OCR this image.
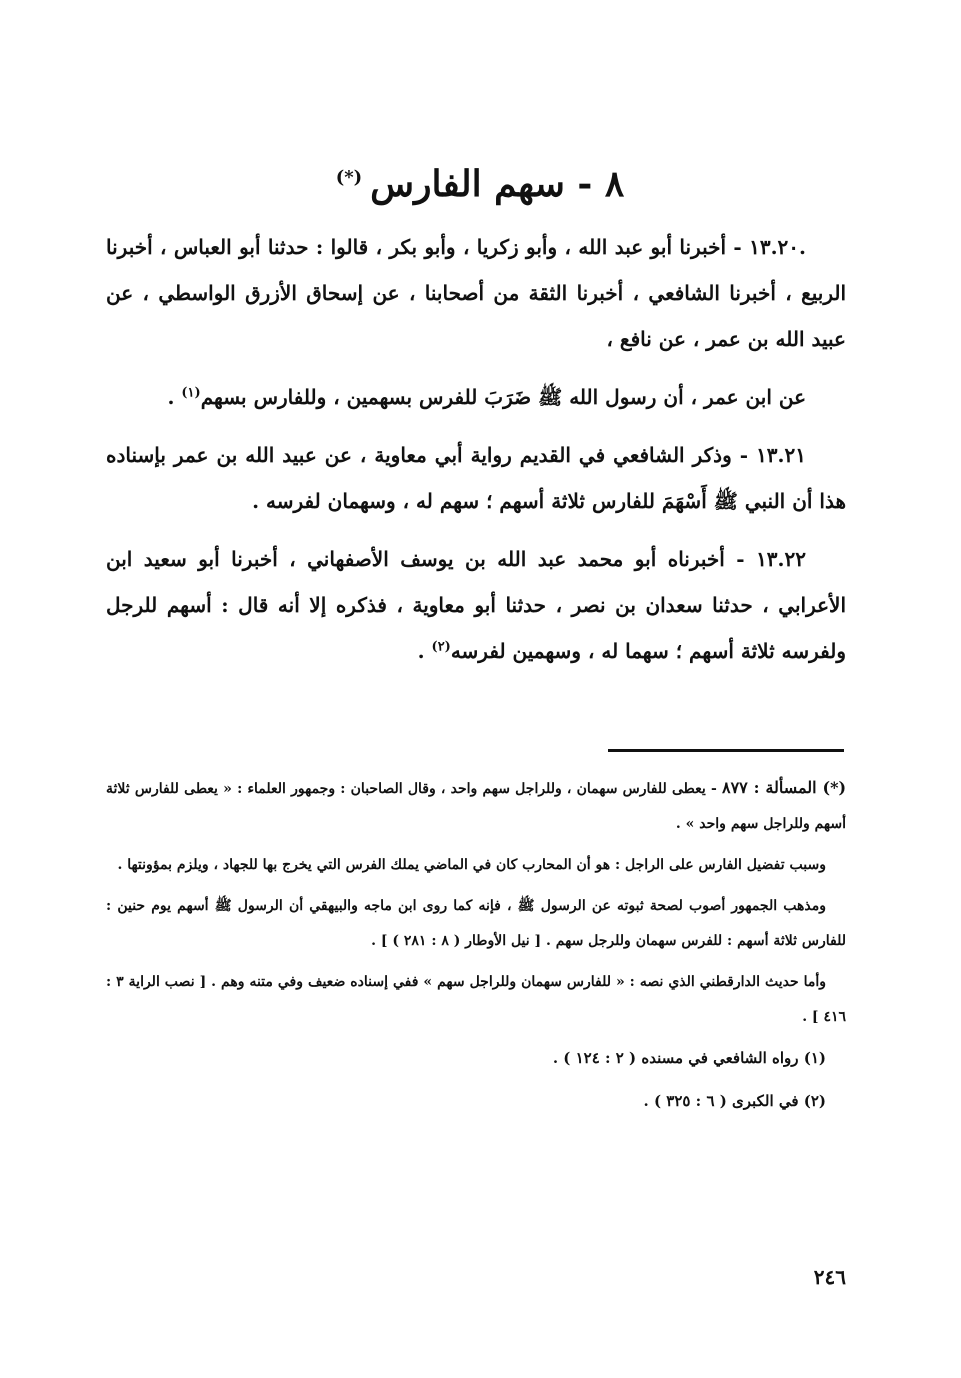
٨ - سهم الفارس(*)

.١٣.٢٠ - أخبرنا أبو عبد الله ، وأبو زكريا ، وأبو بكر ، قالوا : حدثنا أبو العباس ، أخبرنا الربيع ، أخبرنا الشافعي ، أخبرنا الثقة من أصحابنا ، عن إسحاق الأزرق الواسطي ، عن عبيد الله بن عمر ، عن نافع ،

عن ابن عمر ، أن رسول الله ﷺ ضَرَبَ للفرس بسهمين ، وللفارس بسهم$^{(١)}$ .

١٣.٢١ - وذكر الشافعي في القديم رواية أبي معاوية ، عن عبيد الله بن عمر بإسناده هذا أن النبي ﷺ أَسْهَمَ للفارس ثلاثة أسهم ؛ سهم له ، وسهمان لفرسه .

١٣.٢٢ - أخبرناه أبو محمد عبد الله بن يوسف الأصفهاني ، أخبرنا أبو سعيد ابن الأعرابي ، حدثنا سعدان بن نصر ، حدثنا أبو معاوية ، فذكره إلا أنه قال : أسهم للرجل ولفرسه ثلاثة أسهم ؛ سهما له ، وسهمين لفرسه$^{(٢)}$ .

(*) المسألة : ٨٧٧ - يعطى للفارس سهمان ، وللراجل سهم واحد ، وقال الصاحبان : وجمهور العلماء : « يعطى للفارس ثلاثة أسهم وللراجل سهم واحد » .

وسبب تفضيل الفارس على الراجل : هو أن المحارب كان في الماضي يملك الفرس التي يخرج بها للجهاد ، ويلزم بمؤونتها .

ومذهب الجمهور أصوب لصحة ثبوته عن الرسول ﷺ ، فإنه كما روى ابن ماجه والبيهقي أن الرسول ﷺ أسهم يوم حنين : للفارس ثلاثة أسهم : للفرس سهمان وللرجل سهم . [ نيل الأوطار ( ٨ : ٢٨١ ) ] .

وأما حديث الدارقطني الذي نصه : « للفارس سهمان وللراجل سهم » ففي إسناده ضعيف وفي متنه وهم . [ نصب الراية ٣ : ٤١٦ ] .

(١) رواه الشافعي في مسنده ( ٢ : ١٢٤ ) .

(٢) في الكبرى ( ٦ : ٣٢٥ ) .

٢٤٦
